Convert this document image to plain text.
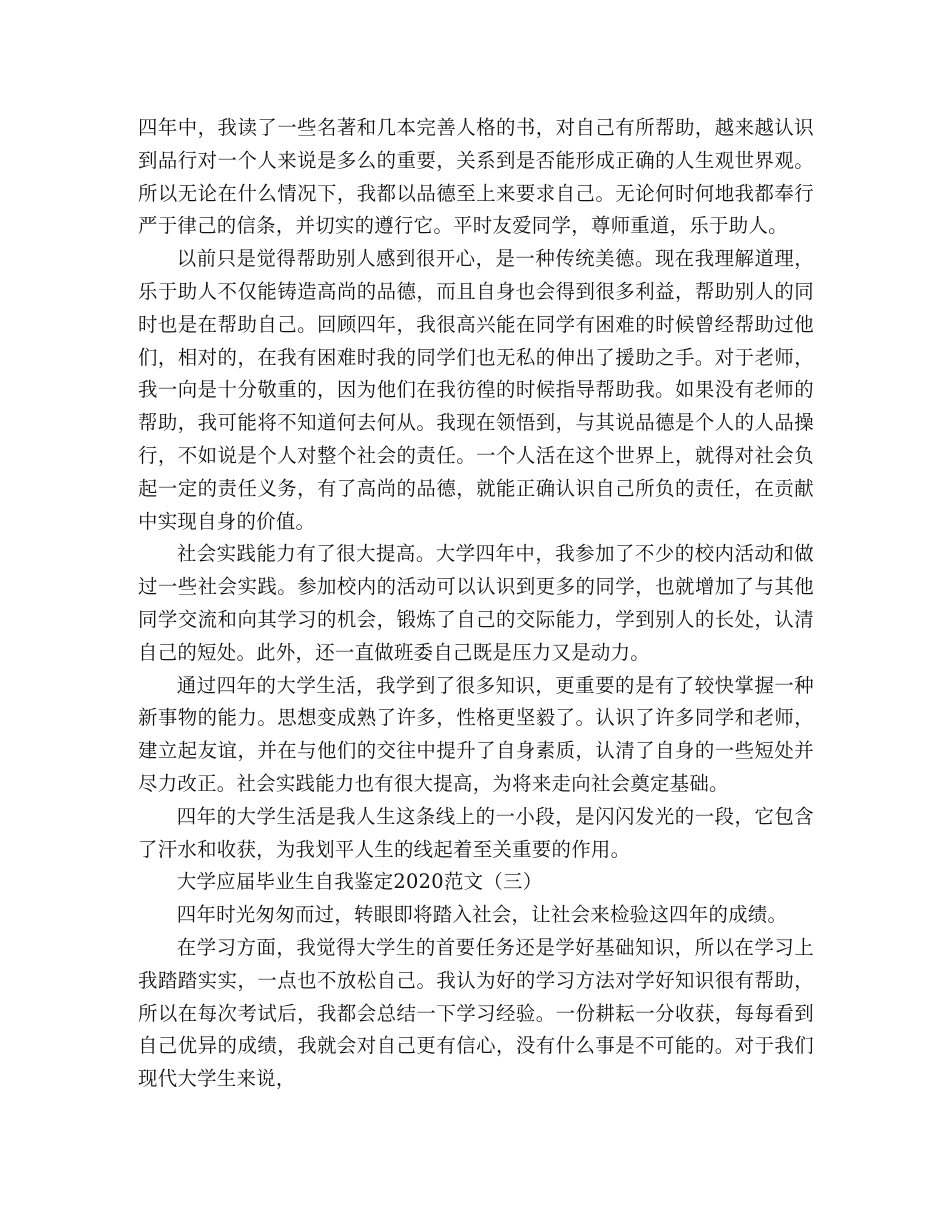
四年中，我读了一些名著和几本完善人格的书，对自己有所帮助，越来越认识到品行对一个人来说是多么的重要，关系到是否能形成正确的人生观世界观。所以无论在什么情况下，我都以品德至上来要求自己。无论何时何地我都奉行严于律己的信条，并切实的遵行它。平时友爱同学，尊师重道，乐于助人。

以前只是觉得帮助别人感到很开心，是一种传统美德。现在我理解道理，乐于助人不仅能铸造高尚的品德，而且自身也会得到很多利益，帮助别人的同时也是在帮助自己。回顾四年，我很高兴能在同学有困难的时候曾经帮助过他们，相对的，在我有困难时我的同学们也无私的伸出了援助之手。对于老师，我一向是十分敬重的，因为他们在我彷徨的时候指导帮助我。如果没有老师的帮助，我可能将不知道何去何从。我现在领悟到，与其说品德是个人的人品操行，不如说是个人对整个社会的责任。一个人活在这个世界上，就得对社会负起一定的责任义务，有了高尚的品德，就能正确认识自己所负的责任，在贡献中实现自身的价值。

社会实践能力有了很大提高。大学四年中，我参加了不少的校内活动和做过一些社会实践。参加校内的活动可以认识到更多的同学，也就增加了与其他同学交流和向其学习的机会，锻炼了自己的交际能力，学到别人的长处，认清自己的短处。此外，还一直做班委自己既是压力又是动力。

通过四年的大学生活，我学到了很多知识，更重要的是有了较快掌握一种新事物的能力。思想变成熟了许多，性格更坚毅了。认识了许多同学和老师，建立起友谊，并在与他们的交往中提升了自身素质，认清了自身的一些短处并尽力改正。社会实践能力也有很大提高，为将来走向社会奠定基础。

四年的大学生活是我人生这条线上的一小段，是闪闪发光的一段，它包含了汗水和收获，为我划平人生的线起着至关重要的作用。

大学应届毕业生自我鉴定2020范文（三）

四年时光匆匆而过，转眼即将踏入社会，让社会来检验这四年的成绩。

在学习方面，我觉得大学生的首要任务还是学好基础知识，所以在学习上我踏踏实实，一点也不放松自己。我认为好的学习方法对学好知识很有帮助，所以在每次考试后，我都会总结一下学习经验。一份耕耘一分收获，每每看到自己优异的成绩，我就会对自己更有信心，没有什么事是不可能的。对于我们现代大学生来说，
